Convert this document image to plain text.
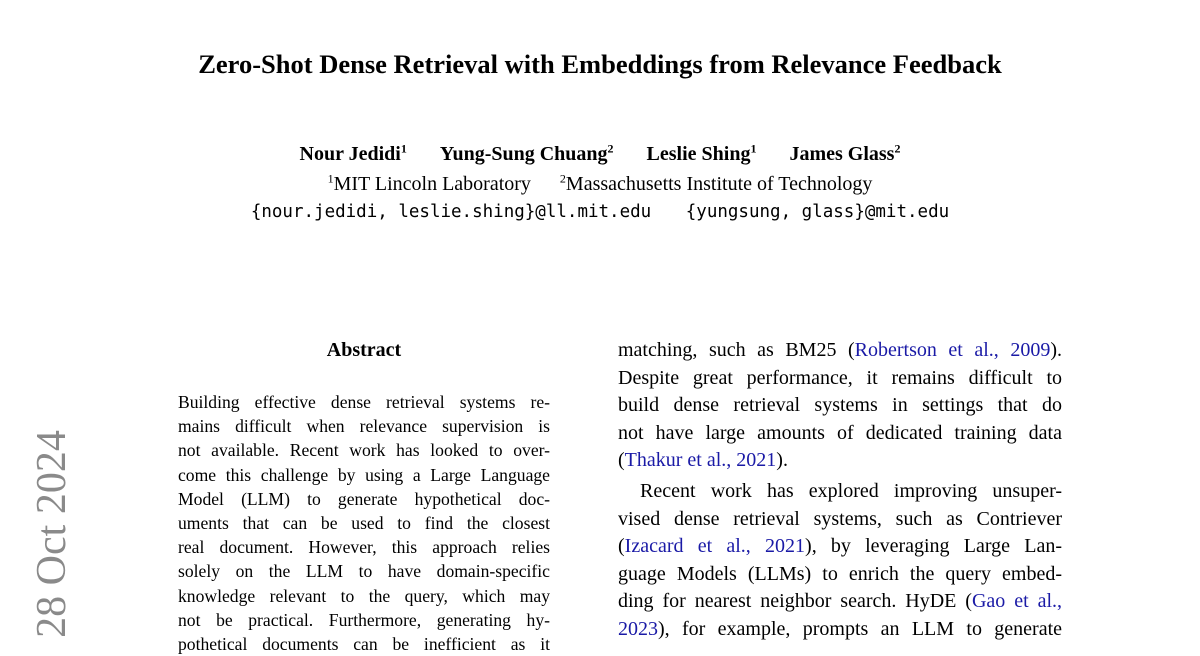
Zero-Shot Dense Retrieval with Embeddings from Relevance Feedback
Nour Jedidi$^1$ Yung-Sung Chuang$^2$ Leslie Shing$^1$ James Glass$^2$
$^1$MIT Lincoln Laboratory $^2$Massachusetts Institute of Technology
{nour.jedidi, leslie.shing}@ll.mit.edu {yungsung, glass}@mit.edu
Abstract
Building effective dense retrieval systems re-
mains difficult when relevance supervision is
not available. Recent work has looked to over-
come this challenge by using a Large Language
Model (LLM) to generate hypothetical doc-
uments that can be used to find the closest
real document. However, this approach relies
solely on the LLM to have domain-specific
knowledge relevant to the query, which may
not be practical. Furthermore, generating hy-
pothetical documents can be inefficient as it
matching, such as BM25 (Robertson et al., 2009).
Despite great performance, it remains difficult to
build dense retrieval systems in settings that do
not have large amounts of dedicated training data
(Thakur et al., 2021).
Recent work has explored improving unsuper-
vised dense retrieval systems, such as Contriever
(Izacard et al., 2021), by leveraging Large Lan-
guage Models (LLMs) to enrich the query embed-
ding for nearest neighbor search. HyDE (Gao et al.,
2023), for example, prompts an LLM to generate
28 Oct 2024
